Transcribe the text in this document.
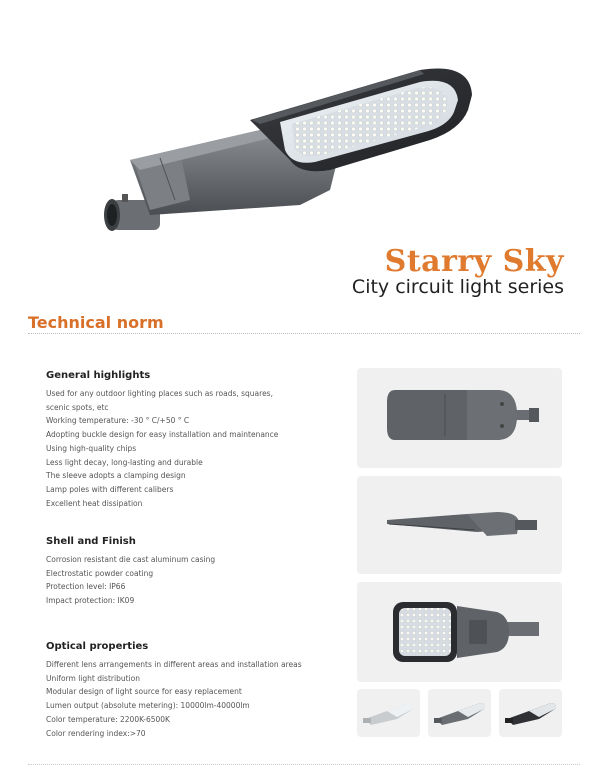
Starry Sky

City circuit light series

Technical norm
General highlights
Used for any outdoor lighting places such as roads, squares,
scenic spots, etc
Working temperature: -30 ° C/+50 ° C
Adopting buckle design for easy installation and maintenance
Using high-quality chips
Less light decay, long-lasting and durable
The sleeve adopts a clamping design
Lamp poles with different calibers
Excellent heat dissipation
Shell and Finish
Corrosion resistant die cast aluminum casing
Electrostatic powder coating
Protection level: IP66
Impact protection: IK09
Optical properties
Different lens arrangements in different areas and installation areas
Uniform light distribution
Modular design of light source for easy replacement
Lumen output (absolute metering): 10000lm-40000lm
Color temperature: 2200K-6500K
Color rendering index:>70
